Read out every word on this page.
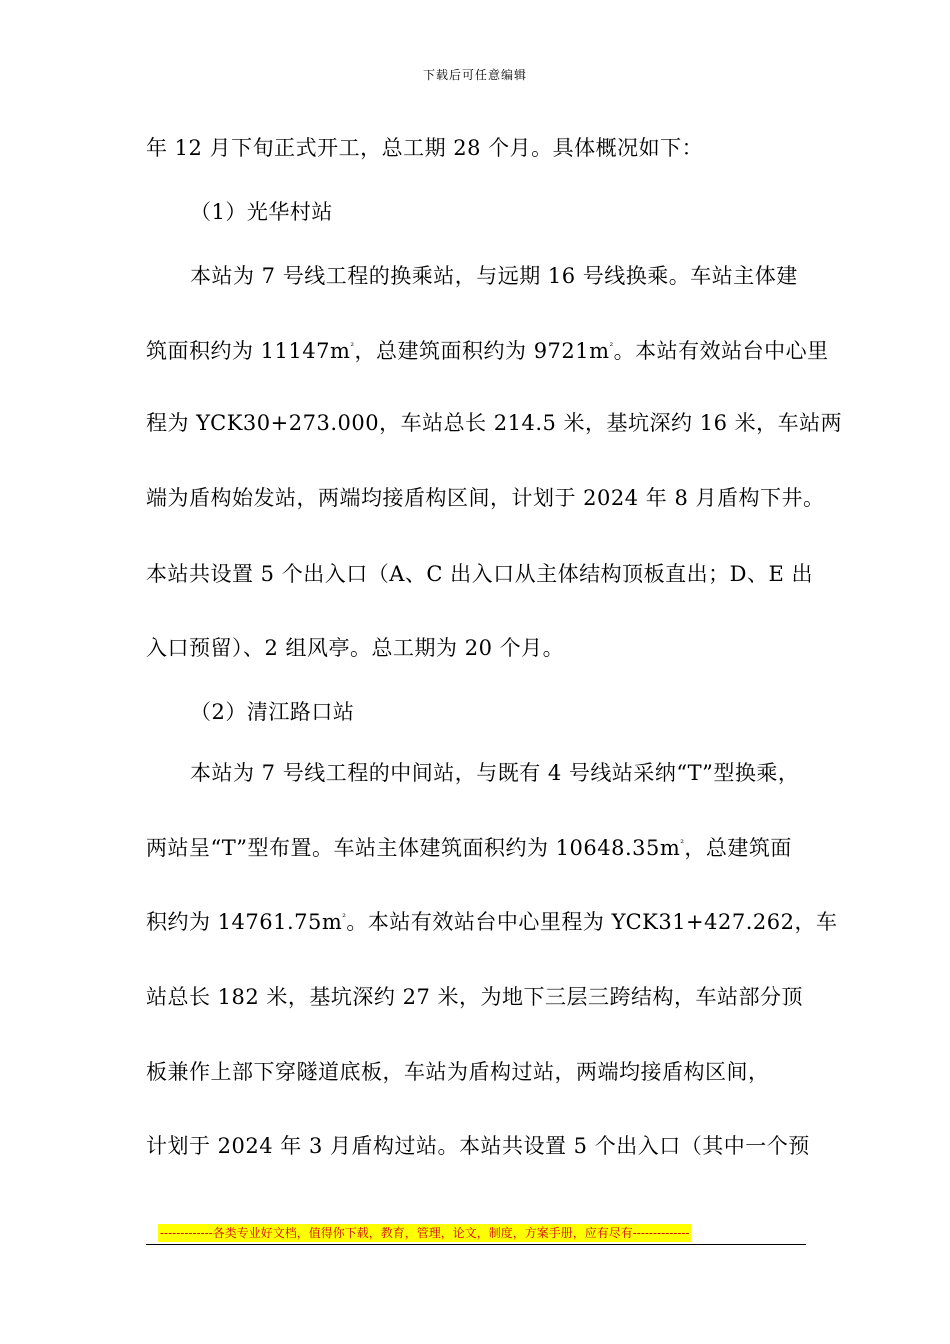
下载后可任意编辑
年 12 月下旬正式开工，总工期 28 个月。具体概况如下：
（1）光华村站
本站为 7 号线工程的换乘站，与远期 16 号线换乘。车站主体建
筑面积约为 $11147m^{^2}$，总建筑面积约为 $9721m^{^2}$。本站有效站台中心里
程为 YCK30+273.000，车站总长 214.5 米，基坑深约 16 米，车站两
端为盾构始发站，两端均接盾构区间，计划于 2024 年 8 月盾构下井。
本站共设置 5 个出入口（A、C 出入口从主体结构顶板直出；D、E 出
入口预留）、2 组风亭。总工期为 20 个月。
（2）清江路口站
本站为 7 号线工程的中间站，与既有 4 号线站采纳“T”型换乘，
两站呈“T”型布置。车站主体建筑面积约为 $10648.35m^{^2}$，总建筑面
积约为 $14761.75m^{^2}$。本站有效站台中心里程为 YCK31+427.262，车
站总长 182 米，基坑深约 27 米，为地下三层三跨结构，车站部分顶
板兼作上部下穿隧道底板，车站为盾构过站，两端均接盾构区间，
计划于 2024 年 3 月盾构过站。本站共设置 5 个出入口（其中一个预
-------------各类专业好文档，值得你下载，教育，管理，论文，制度，方案手册，应有尽有--------------
